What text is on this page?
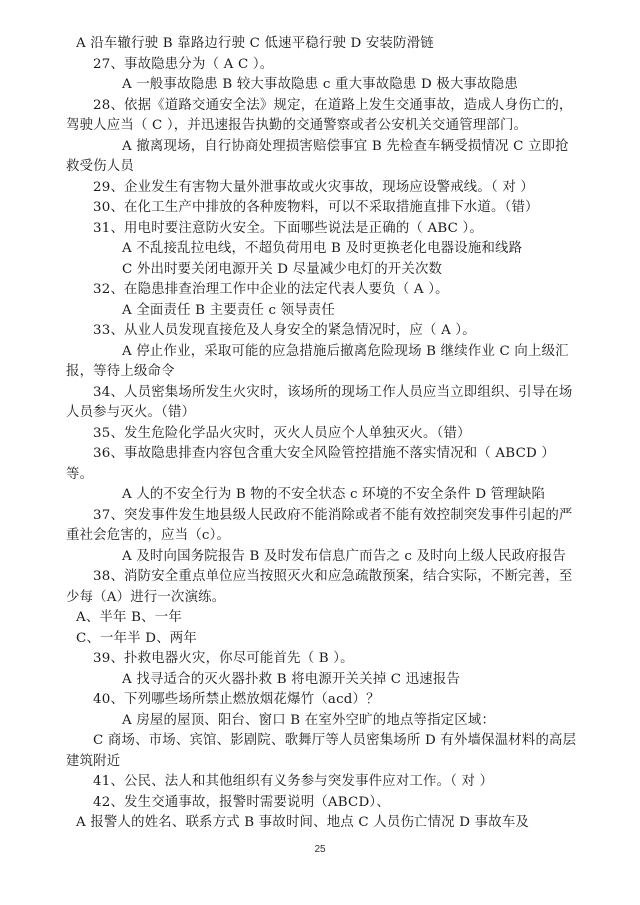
A 沿车辙行驶 B 靠路边行驶 C 低速平稳行驶 D 安装防滑链

27、事故隐患分为（ A C ）。

A 一般事故隐患 B 较大事故隐患 c 重大事故隐患 D 极大事故隐患

28、依据《道路交通安全法》规定，在道路上发生交通事故，造成人身伤亡的，驾驶人应当（ C ），并迅速报告执勤的交通警察或者公安机关交通管理部门。

A 撤离现场，自行协商处理损害赔偿事宜 B 先检查车辆受损情况 C 立即抢救受伤人员

29、企业发生有害物大量外泄事故或火灾事故，现场应设警戒线。（ 对 ）

30、在化工生产中排放的各种废物料，可以不采取措施直排下水道。（错）

31、用电时要注意防火安全。下面哪些说法是正确的（ ABC ）。

A 不乱接乱拉电线，不超负荷用电 B 及时更换老化电器设施和线路

C 外出时要关闭电源开关 D 尽量减少电灯的开关次数

32、在隐患排查治理工作中企业的法定代表人要负（ A ）。

A 全面责任 B 主要责任 c 领导责任

33、从业人员发现直接危及人身安全的紧急情况时，应（ A ）。

A 停止作业，采取可能的应急措施后撤离危险现场 B 继续作业 C 向上级汇报，等待上级命令

34、人员密集场所发生火灾时，该场所的现场工作人员应当立即组织、引导在场人员参与灭火。（错）

35、发生危险化学品火灾时，灭火人员应个人单独灭火。（错）

36、事故隐患排查内容包含重大安全风险管控措施不落实情况和（ ABCD ）等。

A 人的不安全行为 B 物的不安全状态 c 环境的不安全条件 D 管理缺陷

37、突发事件发生地县级人民政府不能消除或者不能有效控制突发事件引起的严重社会危害的，应当（c）。

A 及时向国务院报告 B 及时发布信息广而告之 c 及时向上级人民政府报告

38、消防安全重点单位应当按照灭火和应急疏散预案，结合实际，不断完善，至少每（A）进行一次演练。

A、半年 B、一年

C、一年半 D、两年

39、扑救电器火灾，你尽可能首先（ B ）。

A 找寻适合的灭火器扑救 B 将电源开关关掉 C 迅速报告

40、下列哪些场所禁止燃放烟花爆竹（acd）？

A 房屋的屋顶、阳台、窗口 B 在室外空旷的地点等指定区域：

C 商场、市场、宾馆、影剧院、歌舞厅等人员密集场所 D 有外墙保温材料的高层建筑附近

41、公民、法人和其他组织有义务参与突发事件应对工作。（ 对 ）

42、发生交通事故，报警时需要说明（ABCD）、

A 报警人的姓名、联系方式 B 事故时间、地点 C 人员伤亡情况 D 事故车及

25
